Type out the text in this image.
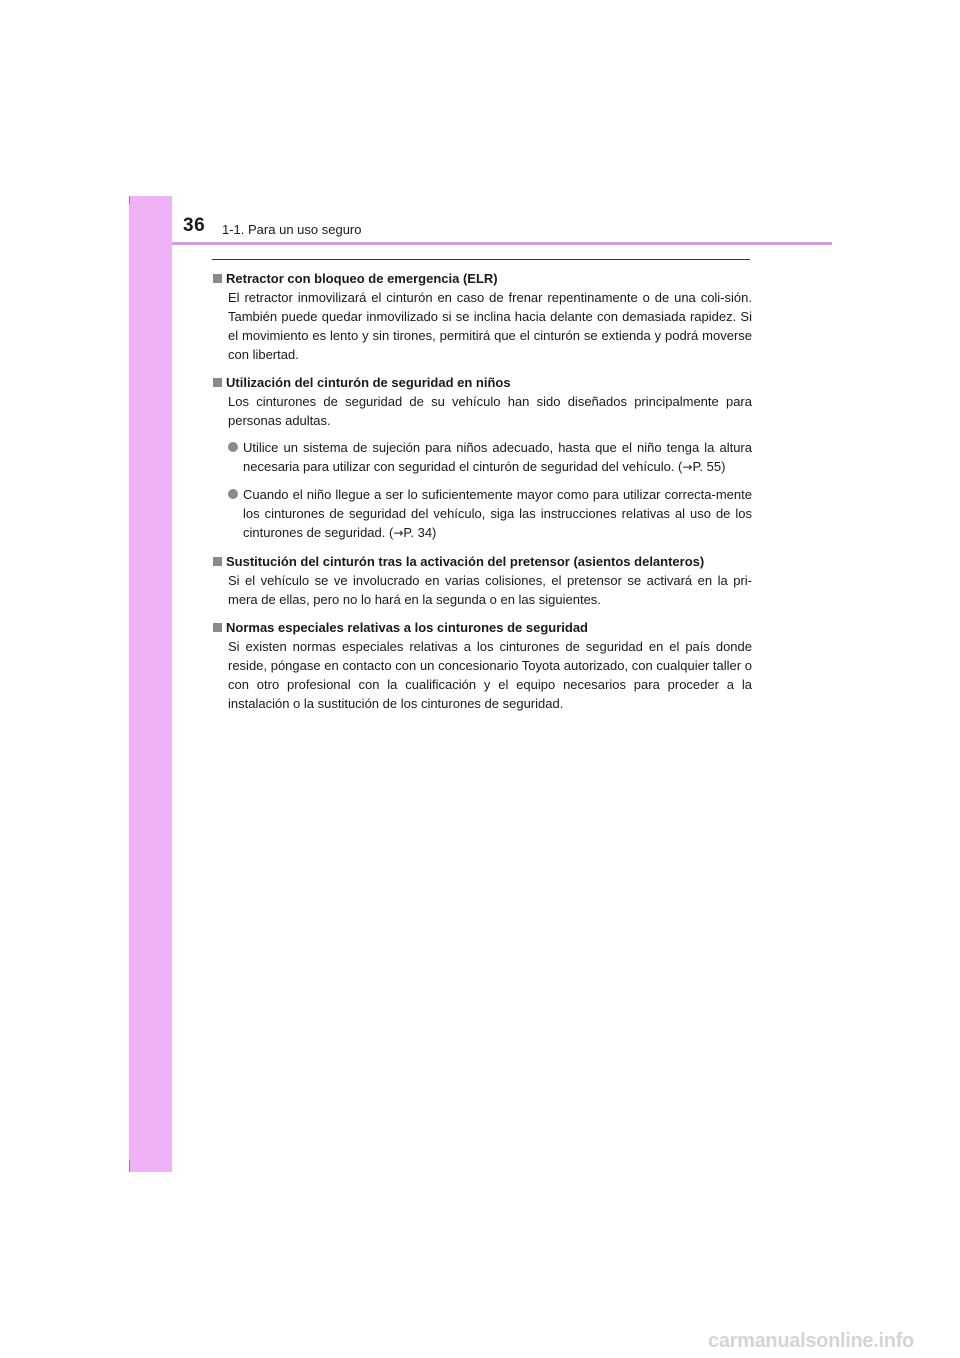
36 1-1. Para un uso seguro
Retractor con bloqueo de emergencia (ELR)
El retractor inmovilizará el cinturón en caso de frenar repentinamente o de una coli-sión. También puede quedar inmovilizado si se inclina hacia delante con demasiada rapidez. Si el movimiento es lento y sin tirones, permitirá que el cinturón se extienda y podrá moverse con libertad.
Utilización del cinturón de seguridad en niños
Los cinturones de seguridad de su vehículo han sido diseñados principalmente para personas adultas.
Utilice un sistema de sujeción para niños adecuado, hasta que el niño tenga la altura necesaria para utilizar con seguridad el cinturón de seguridad del vehículo. (→P. 55)
Cuando el niño llegue a ser lo suficientemente mayor como para utilizar correcta-mente los cinturones de seguridad del vehículo, siga las instrucciones relativas al uso de los cinturones de seguridad. (→P. 34)
Sustitución del cinturón tras la activación del pretensor (asientos delanteros)
Si el vehículo se ve involucrado en varias colisiones, el pretensor se activará en la pri-mera de ellas, pero no lo hará en la segunda o en las siguientes.
Normas especiales relativas a los cinturones de seguridad
Si existen normas especiales relativas a los cinturones de seguridad en el país donde reside, póngase en contacto con un concesionario Toyota autorizado, con cualquier taller o con otro profesional con la cualificación y el equipo necesarios para proceder a la instalación o la sustitución de los cinturones de seguridad.
carmanualsonline.info
